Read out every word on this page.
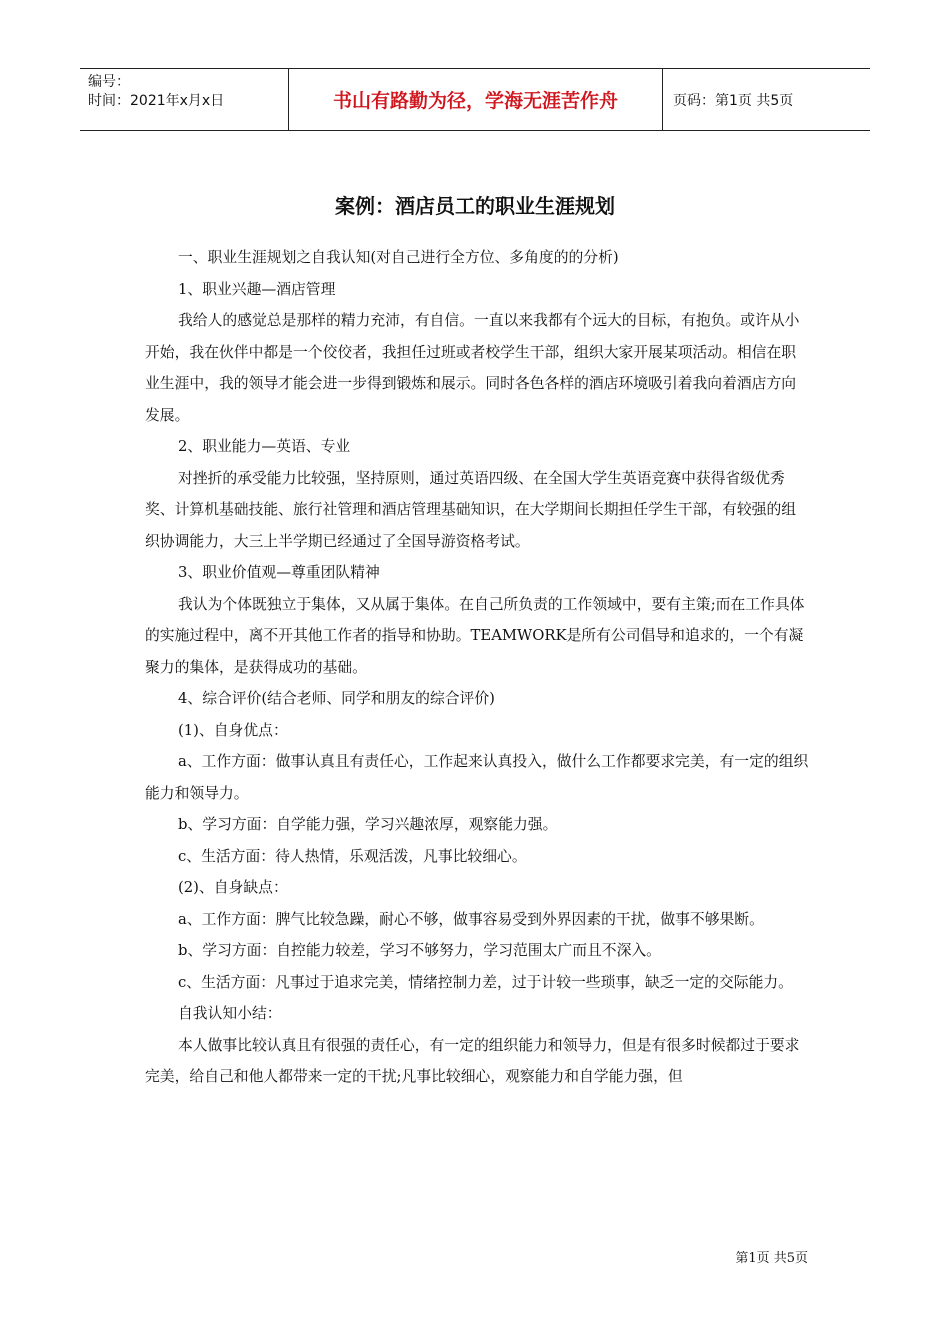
编号：
时间：2021年x月x日	书山有路勤为径，学海无涯苦作舟	页码：第1页 共5页
案例：酒店员工的职业生涯规划

一、职业生涯规划之自我认知(对自己进行全方位、多角度的的分析)

1、职业兴趣—酒店管理

我给人的感觉总是那样的精力充沛，有自信。一直以来我都有个远大的目标，有抱负。或许从小开始，我在伙伴中都是一个佼佼者，我担任过班或者校学生干部，组织大家开展某项活动。相信在职业生涯中，我的领导才能会进一步得到锻炼和展示。同时各色各样的酒店环境吸引着我向着酒店方向发展。

2、职业能力—英语、专业

对挫折的承受能力比较强，坚持原则，通过英语四级、在全国大学生英语竞赛中获得省级优秀奖、计算机基础技能、旅行社管理和酒店管理基础知识，在大学期间长期担任学生干部，有较强的组织协调能力，大三上半学期已经通过了全国导游资格考试。

3、职业价值观—尊重团队精神

我认为个体既独立于集体，又从属于集体。在自己所负责的工作领域中，要有主策;而在工作具体的实施过程中，离不开其他工作者的指导和协助。TEAMWORK是所有公司倡导和追求的，一个有凝聚力的集体，是获得成功的基础。

4、综合评价(结合老师、同学和朋友的综合评价)

(1)、自身优点：

a、工作方面：做事认真且有责任心，工作起来认真投入，做什么工作都要求完美，有一定的组织能力和领导力。

b、学习方面：自学能力强，学习兴趣浓厚，观察能力强。

c、生活方面：待人热情，乐观活泼，凡事比较细心。

(2)、自身缺点：

a、工作方面：脾气比较急躁，耐心不够，做事容易受到外界因素的干扰，做事不够果断。

b、学习方面：自控能力较差，学习不够努力，学习范围太广而且不深入。

c、生活方面：凡事过于追求完美，情绪控制力差，过于计较一些琐事，缺乏一定的交际能力。

自我认知小结：

本人做事比较认真且有很强的责任心，有一定的组织能力和领导力，但是有很多时候都过于要求完美，给自己和他人都带来一定的干扰;凡事比较细心，观察能力和自学能力强，但

第1页 共5页
